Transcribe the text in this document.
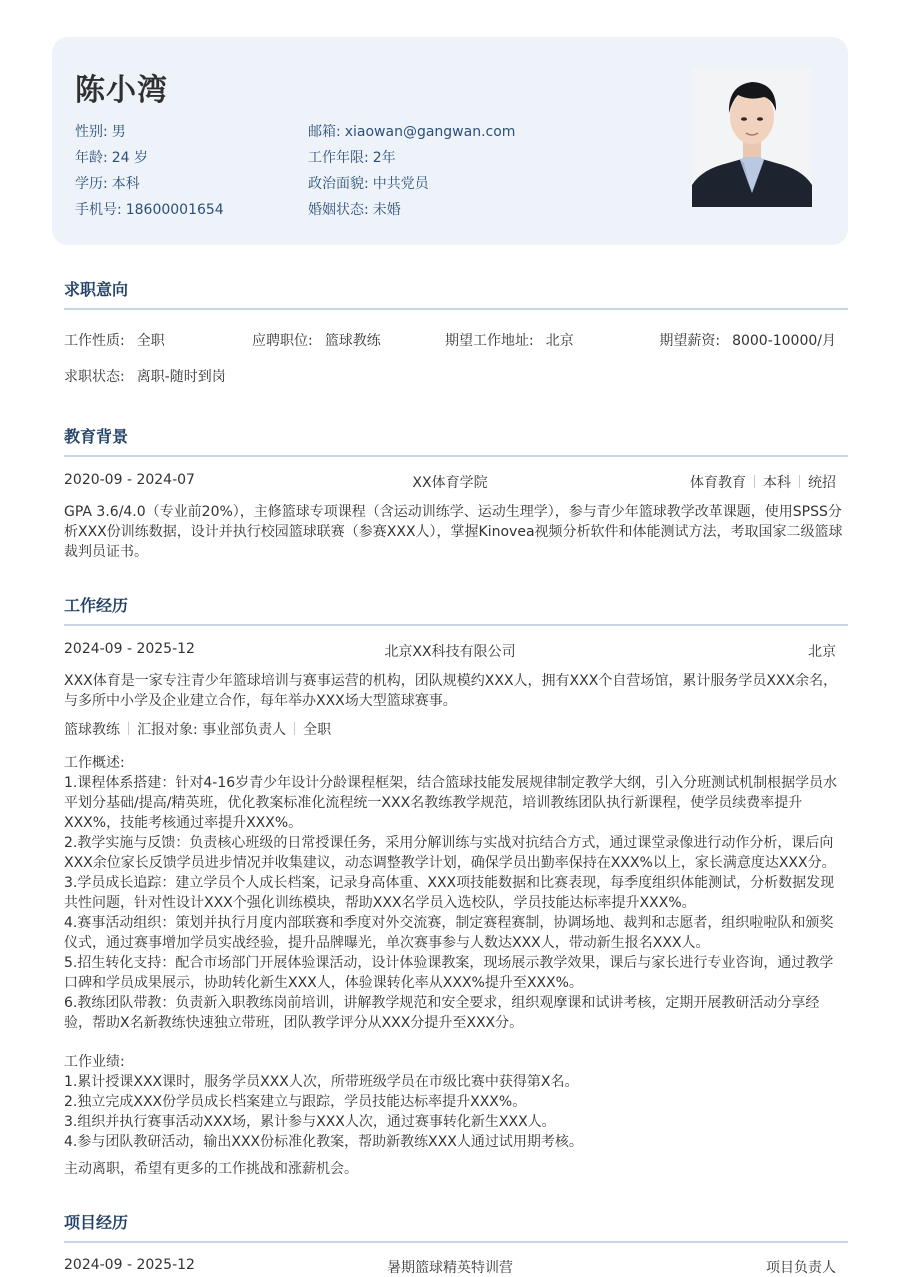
陈小湾
性别: 男	邮箱: xiaowan@gangwan.com
年龄: 24 岁	工作年限: 2年
学历: 本科	政治面貌: 中共党员
手机号: 18600001654	婚姻状态: 未婚
求职意向
工作性质: 全职	应聘职位: 篮球教练	期望工作地址: 北京	期望薪资: 8000-10000/月
求职状态: 离职-随时到岗
教育背景
2020-09 - 2024-07	XX体育学院	体育教育 本科 统招
GPA 3.6/4.0（专业前20%），主修篮球专项课程（含运动训练学、运动生理学），参与青少年篮球教学改革课题，使用SPSS分析XXX份训练数据，设计并执行校园篮球联赛（参赛XXX人），掌握Kinovea视频分析软件和体能测试方法，考取国家二级篮球裁判员证书。
工作经历
2024-09 - 2025-12	北京XX科技有限公司	北京
XXX体育是一家专注青少年篮球培训与赛事运营的机构，团队规模约XXX人，拥有XXX个自营场馆，累计服务学员XXX余名，与多所中小学及企业建立合作，每年举办XXX场大型篮球赛事。
篮球教练 汇报对象: 事业部负责人 全职
工作概述:
1.课程体系搭建：针对4-16岁青少年设计分龄课程框架，结合篮球技能发展规律制定教学大纲，引入分班测试机制根据学员水平划分基础/提高/精英班，优化教案标准化流程统一XXX名教练教学规范，培训教练团队执行新课程，使学员续费率提升XXX%，技能考核通过率提升XXX%。
2.教学实施与反馈：负责核心班级的日常授课任务，采用分解训练与实战对抗结合方式，通过课堂录像进行动作分析，课后向XXX余位家长反馈学员进步情况并收集建议，动态调整教学计划，确保学员出勤率保持在XXX%以上，家长满意度达XXX分。
3.学员成长追踪：建立学员个人成长档案，记录身高体重、XXX项技能数据和比赛表现，每季度组织体能测试，分析数据发现共性问题，针对性设计XXX个强化训练模块，帮助XXX名学员入选校队，学员技能达标率提升XXX%。
4.赛事活动组织：策划并执行月度内部联赛和季度对外交流赛，制定赛程赛制，协调场地、裁判和志愿者，组织啦啦队和颁奖仪式，通过赛事增加学员实战经验，提升品牌曝光，单次赛事参与人数达XXX人，带动新生报名XXX人。
5.招生转化支持：配合市场部门开展体验课活动，设计体验课教案，现场展示教学效果，课后与家长进行专业咨询，通过教学口碑和学员成果展示，协助转化新生XXX人，体验课转化率从XXX%提升至XXX%。
6.教练团队带教：负责新入职教练岗前培训，讲解教学规范和安全要求，组织观摩课和试讲考核，定期开展教研活动分享经验，帮助X名新教练快速独立带班，团队教学评分从XXX分提升至XXX分。
工作业绩:
1.累计授课XXX课时，服务学员XXX人次，所带班级学员在市级比赛中获得第X名。
2.独立完成XXX份学员成长档案建立与跟踪，学员技能达标率提升XXX%。
3.组织并执行赛事活动XXX场，累计参与XXX人次，通过赛事转化新生XXX人。
4.参与团队教研活动，输出XXX份标准化教案，帮助新教练XXX人通过试用期考核。
主动离职，希望有更多的工作挑战和涨薪机会。
项目经历
2024-09 - 2025-12	暑期篮球精英特训营	项目负责人
